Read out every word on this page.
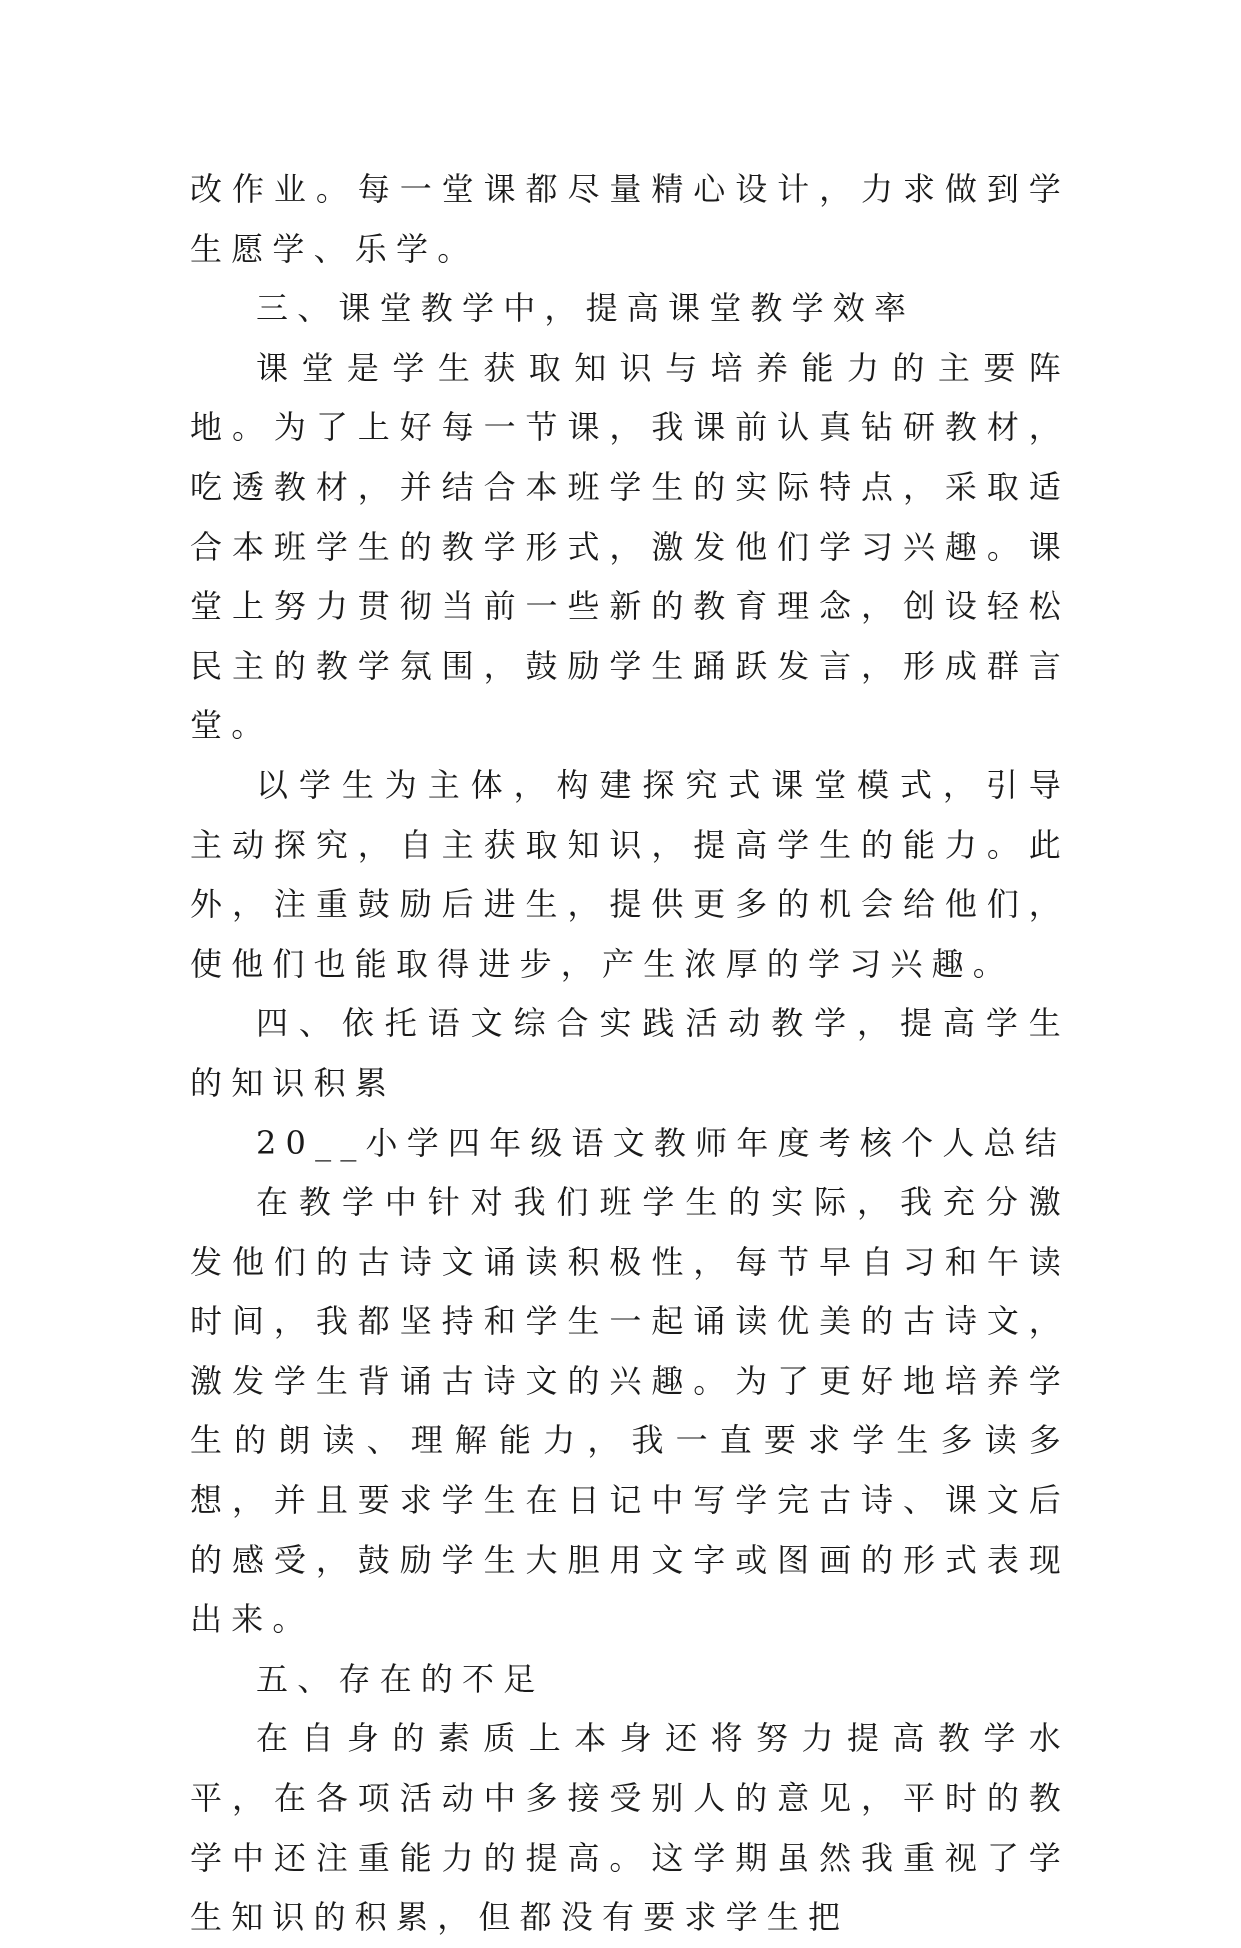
改作业。每一堂课都尽量精心设计，力求做到学生愿学、乐学。

三、课堂教学中，提高课堂教学效率

课堂是学生获取知识与培养能力的主要阵地。为了上好每一节课，我课前认真钻研教材，吃透教材，并结合本班学生的实际特点，采取适合本班学生的教学形式，激发他们学习兴趣。课堂上努力贯彻当前一些新的教育理念，创设轻松民主的教学氛围，鼓励学生踊跃发言，形成群言堂。

以学生为主体，构建探究式课堂模式，引导主动探究，自主获取知识，提高学生的能力。此外，注重鼓励后进生，提供更多的机会给他们，使他们也能取得进步，产生浓厚的学习兴趣。

四、依托语文综合实践活动教学，提高学生的知识积累

20__小学四年级语文教师年度考核个人总结

在教学中针对我们班学生的实际，我充分激发他们的古诗文诵读积极性，每节早自习和午读时间，我都坚持和学生一起诵读优美的古诗文，激发学生背诵古诗文的兴趣。为了更好地培养学生的朗读、理解能力，我一直要求学生多读多想，并且要求学生在日记中写学完古诗、课文后的感受，鼓励学生大胆用文字或图画的形式表现出来。

五、存在的不足

在自身的素质上本身还将努力提高教学水平，在各项活动中多接受别人的意见，平时的教学中还注重能力的提高。这学期虽然我重视了学生知识的积累，但都没有要求学生把
